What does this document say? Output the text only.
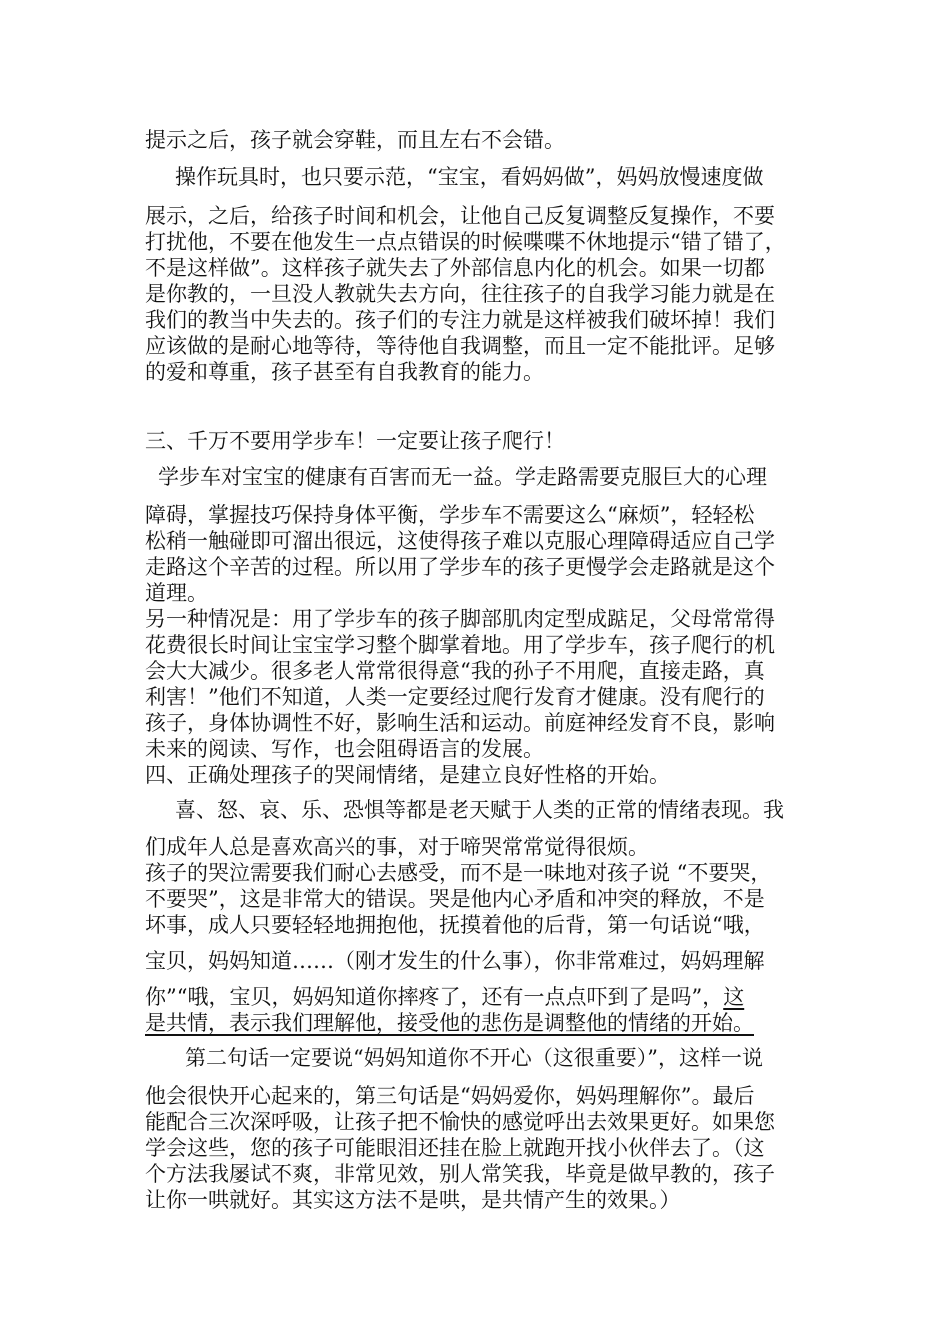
提示之后，孩子就会穿鞋，而且左右不会错。
操作玩具时，也只要示范，“宝宝，看妈妈做”，妈妈放慢速度做
展示，之后，给孩子时间和机会，让他自己反复调整反复操作，不要
打扰他，不要在他发生一点点错误的时候喋喋不休地提示“错了错了，
不是这样做”。这样孩子就失去了外部信息内化的机会。如果一切都
是你教的，一旦没人教就失去方向，往往孩子的自我学习能力就是在
我们的教当中失去的。孩子们的专注力就是这样被我们破坏掉！我们
应该做的是耐心地等待，等待他自我调整，而且一定不能批评。足够
的爱和尊重，孩子甚至有自我教育的能力。
三、千万不要用学步车！一定要让孩子爬行！
学步车对宝宝的健康有百害而无一益。学走路需要克服巨大的心理
障碍，掌握技巧保持身体平衡，学步车不需要这么“麻烦”，轻轻松
松稍一触碰即可溜出很远，这使得孩子难以克服心理障碍适应自己学
走路这个辛苦的过程。所以用了学步车的孩子更慢学会走路就是这个
道理。
另一种情况是：用了学步车的孩子脚部肌肉定型成踮足，父母常常得
花费很长时间让宝宝学习整个脚掌着地。用了学步车，孩子爬行的机
会大大减少。很多老人常常很得意“我的孙子不用爬，直接走路，真
利害！”他们不知道，人类一定要经过爬行发育才健康。没有爬行的
孩子，身体协调性不好，影响生活和运动。前庭神经发育不良，影响
未来的阅读、写作，也会阻碍语言的发展。
四、正确处理孩子的哭闹情绪，是建立良好性格的开始。
喜、怒、哀、乐、恐惧等都是老天赋于人类的正常的情绪表现。我
们成年人总是喜欢高兴的事，对于啼哭常常觉得很烦。
孩子的哭泣需要我们耐心去感受，而不是一味地对孩子说 “不要哭，
不要哭”，这是非常大的错误。哭是他内心矛盾和冲突的释放，不是
坏事，成人只要轻轻地拥抱他，抚摸着他的后背，第一句话说“哦，
宝贝，妈妈知道……（刚才发生的什么事），你非常难过，妈妈理解
你”“哦，宝贝，妈妈知道你摔疼了，还有一点点吓到了是吗”，这
是共情，表示我们理解他，接受他的悲伤是调整他的情绪的开始。
第二句话一定要说“妈妈知道你不开心（这很重要）”，这样一说
他会很快开心起来的，第三句话是“妈妈爱你，妈妈理解你”。最后
能配合三次深呼吸，让孩子把不愉快的感觉呼出去效果更好。如果您
学会这些，您的孩子可能眼泪还挂在脸上就跑开找小伙伴去了。（这
个方法我屡试不爽，非常见效，别人常笑我，毕竟是做早教的，孩子
让你一哄就好。其实这方法不是哄，是共情产生的效果。）
